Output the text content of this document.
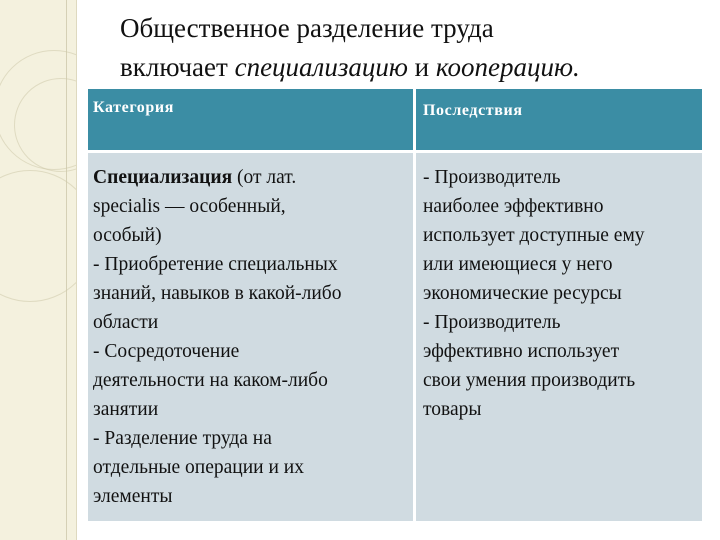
Общественное разделение труда
включает специализацию и кооперацию.
Категория	Последствия
Специализация (от лат.
specialis — особенный,
особый)
- Приобретение специальных
знаний, навыков в какой-либо
области
- Сосредоточение
деятельности на каком-либо
занятии
- Разделение труда на
отдельные операции и их
элементы
- Производитель
наиболее эффективно
использует доступные ему
или имеющиеся у него
экономические ресурсы
- Производитель
эффективно использует
свои умения производить
товары
